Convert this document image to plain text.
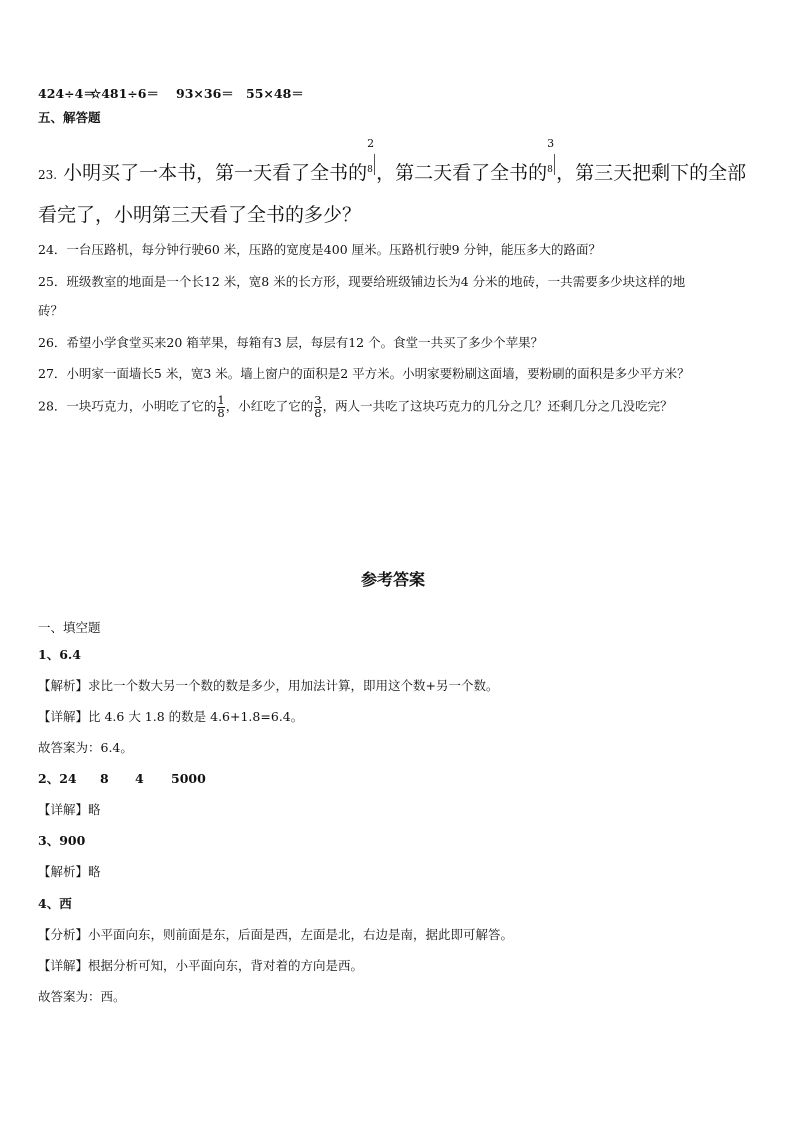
424÷4＝☆481÷6＝ 93×36＝ 55×48＝
五、解答题
23. 小明买了一本书，第一天看了全书的
2
8 ，第二天看了全书的
3
8 ，第三天把剩下的全部
看完了，小明第三天看了全书的多少？
24．一台压路机，每分钟行驶60 米，压路的宽度是400 厘米。压路机行驶9 分钟，能压多大的路面？
25．班级教室的地面是一个长12 米，宽8 米的长方形，现要给班级铺边长为4 分米的地砖，一共需要多少块这样的地
砖？
26．希望小学食堂买来20 箱苹果，每箱有3 层，每层有12 个。食堂一共买了多少个苹果？
27．小明家一面墙长5 米，宽3 米。墙上窗户的面积是2 平方米。小明家要粉刷这面墙，要粉刷的面积是多少平方米？
28．一块巧克力，小明吃了它的 $\frac{1}{8}$ ，小红吃了它的 $\frac{3}{8}$ ，两人一共吃了这块巧克力的几分之几？还剩几分之几没吃完？
参考答案
一、填空题
1、6.4
【解析】求比一个数大另一个数的数是多少，用加法计算，即用这个数+另一个数。
【详解】比 4.6 大 1.8 的数是 4.6+1.8=6.4。
故答案为：6.4。
2、24 8 4 5000
【详解】略
3、900
【解析】略
4、西
【分析】小平面向东，则前面是东，后面是西，左面是北，右边是南，据此即可解答。
【详解】根据分析可知，小平面向东，背对着的方向是西。
故答案为：西。
